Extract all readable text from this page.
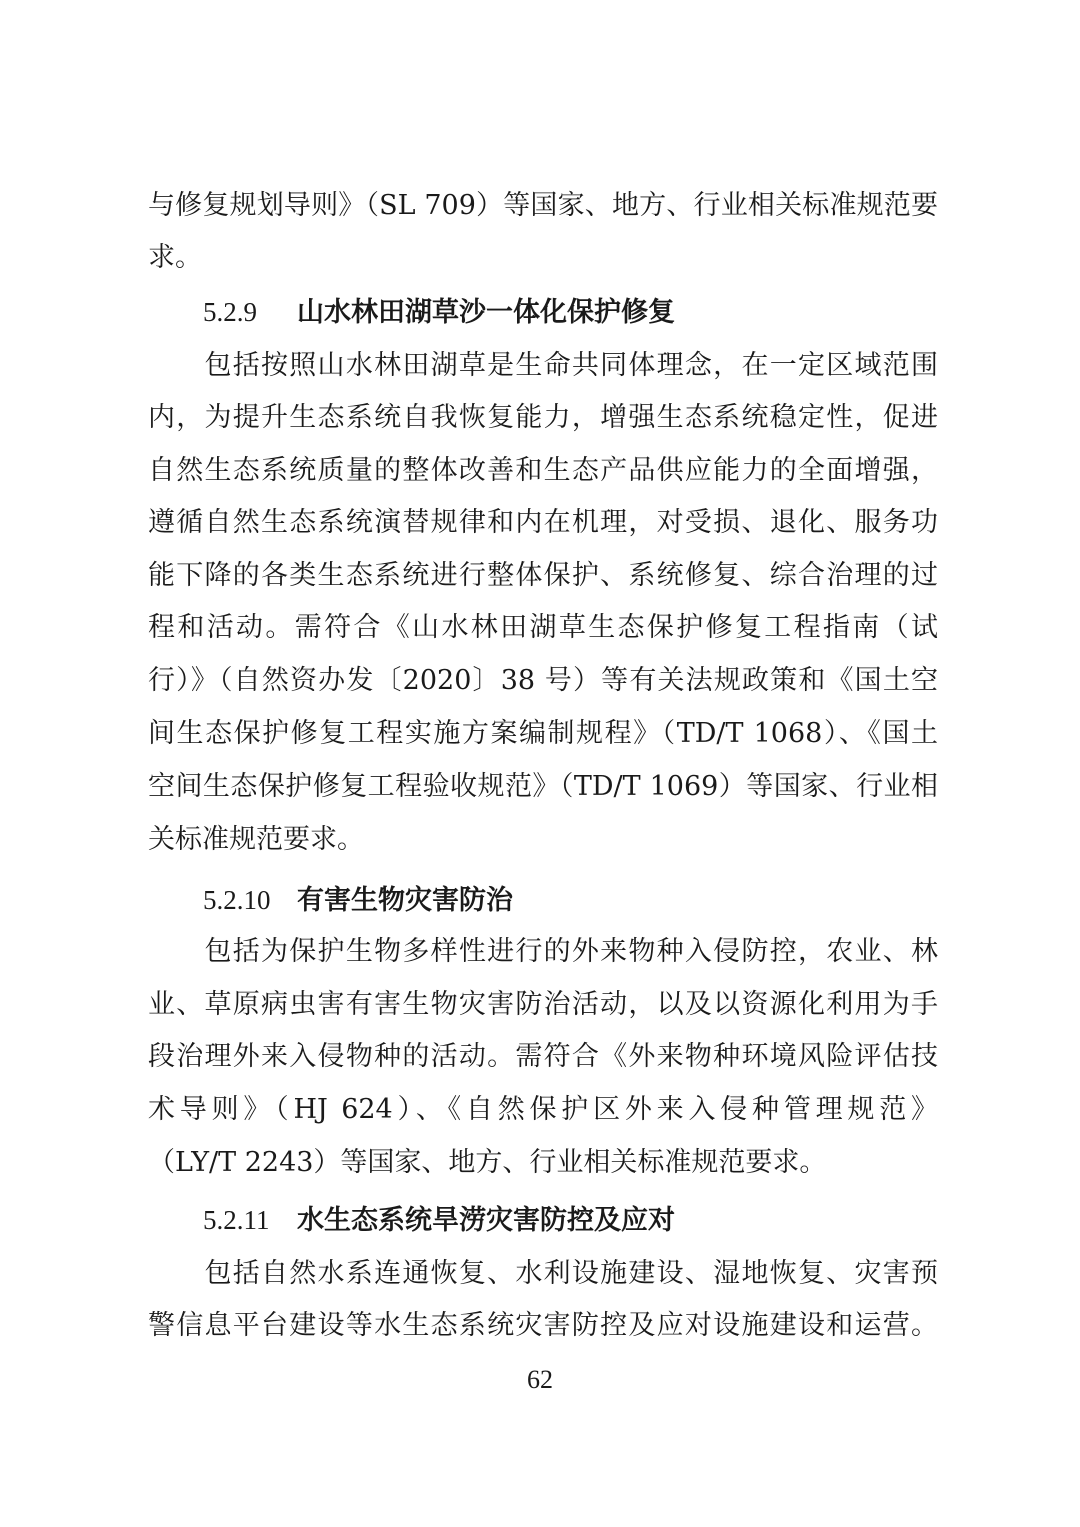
与修复规划导则》（SL 709）等国家、地方、行业相关标准规范要
求。
5.2.9 山水林田湖草沙一体化保护修复
　　包括按照山水林田湖草是生命共同体理念，在一定区域范围
内，为提升生态系统自我恢复能力，增强生态系统稳定性，促进
自然生态系统质量的整体改善和生态产品供应能力的全面增强，
遵循自然生态系统演替规律和内在机理，对受损、退化、服务功
能下降的各类生态系统进行整体保护、系统修复、综合治理的过
程和活动。需符合《山水林田湖草生态保护修复工程指南（试
行）》（自然资办发〔2020〕38 号）等有关法规政策和《国土空
间生态保护修复工程实施方案编制规程》（TD/T 1068）、《国土
空间生态保护修复工程验收规范》（TD/T 1069）等国家、行业相
关标准规范要求。
5.2.10 有害生物灾害防治
　　包括为保护生物多样性进行的外来物种入侵防控，农业、林
业、草原病虫害有害生物灾害防治活动，以及以资源化利用为手
段治理外来入侵物种的活动。需符合《外来物种环境风险评估技
术导则》（HJ 624）、《自然保护区外来入侵种管理规范》
（LY/T 2243）等国家、地方、行业相关标准规范要求。
5.2.11 水生态系统旱涝灾害防控及应对
　　包括自然水系连通恢复、水利设施建设、湿地恢复、灾害预
警信息平台建设等水生态系统灾害防控及应对设施建设和运营。
62
